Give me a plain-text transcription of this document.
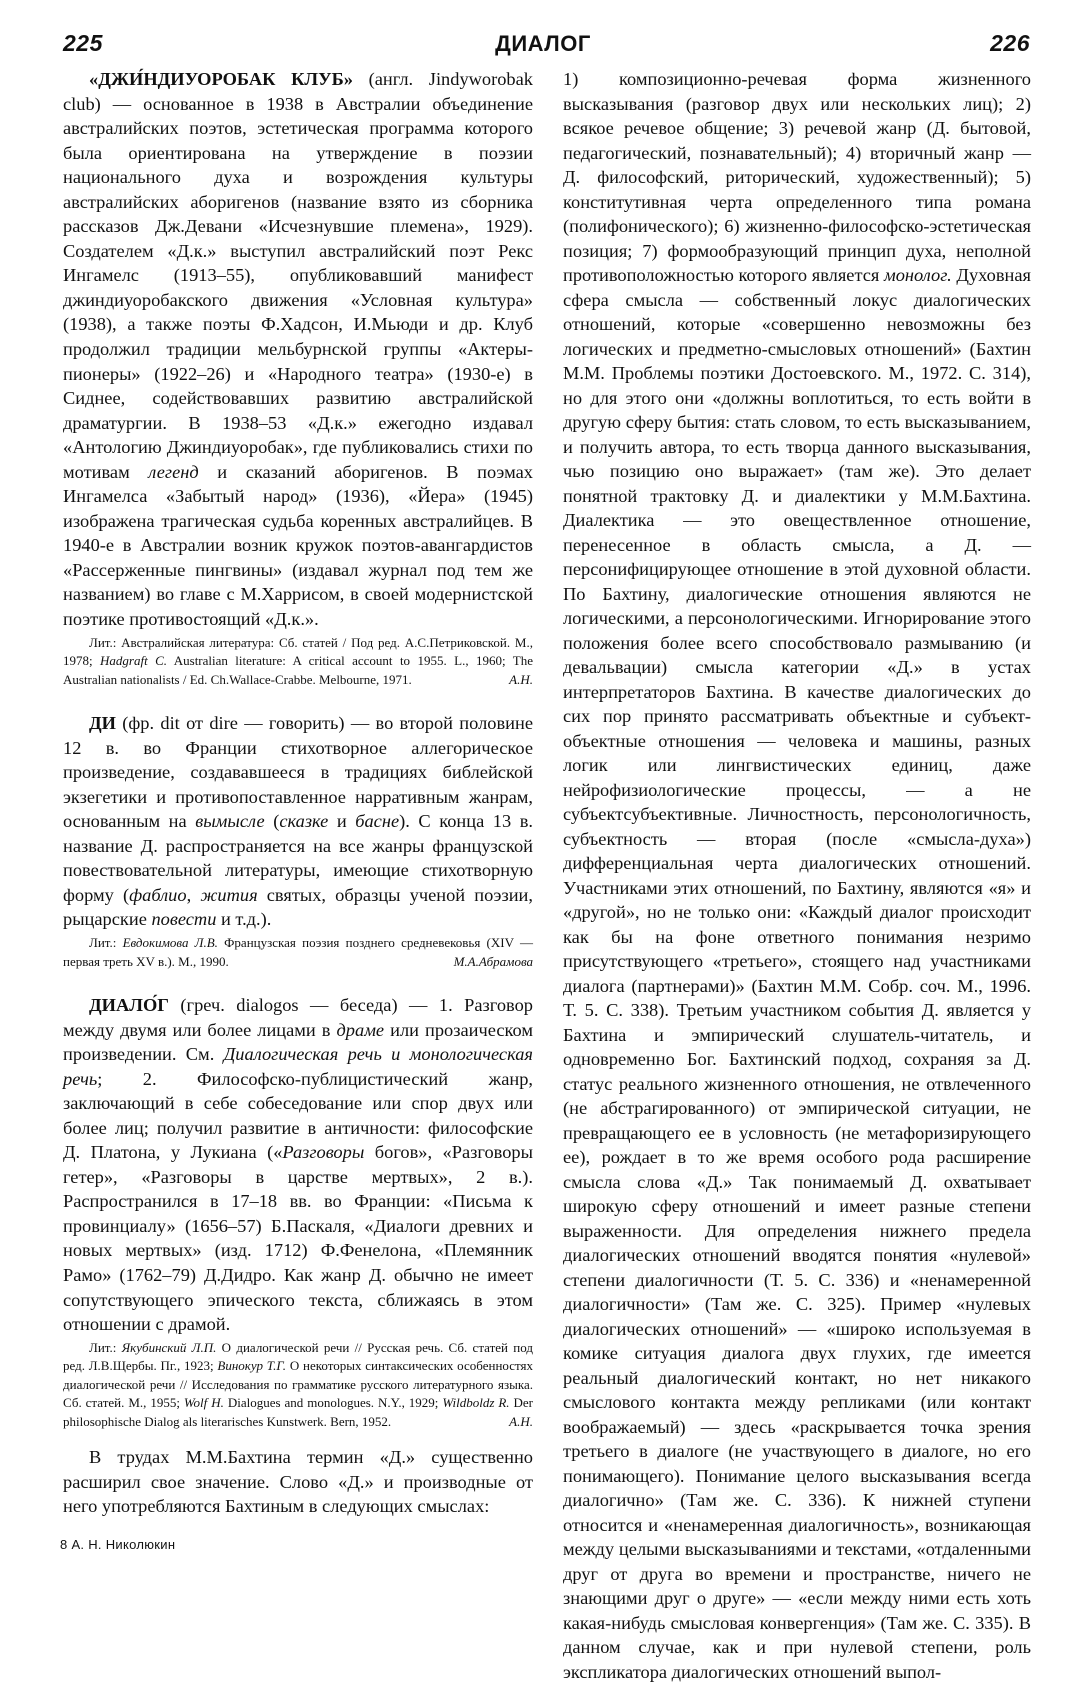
225	ДИАЛОГ	226

«ДЖИ́НДИУОРОБАК КЛУБ» (англ. Jindyworobak club) — основанное в 1938 в Австралии объединение австралийских поэтов, эстетическая программа которого была ориентирована на утверждение в поэзии национального духа и возрождения культуры австралийских аборигенов (название взято из сборника рассказов Дж.Девани «Исчезнувшие племена», 1929). Создателем «Д.к.» выступил австралийский поэт Рекс Ингамелс (1913–55), опубликовавший манифест джиндиуоробакского движения «Условная культура» (1938), а также поэты Ф.Хадсон, И.Мьюди и др. Клуб продолжил традиции мельбурнской группы «Актеры-пионеры» (1922–26) и «Народного театра» (1930-е) в Сиднее, содействовавших развитию австралийской драматургии. В 1938–53 «Д.к.» ежегодно издавал «Антологию Джиндиуоробак», где публиковались стихи по мотивам легенд и сказаний аборигенов. В поэмах Ингамелса «Забытый народ» (1936), «Йера» (1945) изображена трагическая судьба коренных австралийцев. В 1940-е в Австралии возник кружок поэтов-авангардистов «Рассерженные пингвины» (издавал журнал под тем же названием) во главе с М.Харрисом, в своей модернистской поэтике противостоящий «Д.к.».

Лит.: Австралийская литература: Сб. статей / Под ред. А.С.Петриковской. М., 1978; Hadgraft C. Australian literature: A critical account to 1955. L., 1960; The Australian nationalists / Ed. Ch.Wallace-Crabbe. Melbourne, 1971.	А.Н.

ДИ (фр. dit от dire — говорить) — во второй половине 12 в. во Франции стихотворное аллегорическое произведение, создававшееся в традициях библейской экзегетики и противопоставленное нарративным жанрам, основанным на вымысле (сказке и басне). С конца 13 в. название Д. распространяется на все жанры французской повествовательной литературы, имеющие стихотворную форму (фаблио, жития святых, образцы ученой поэзии, рыцарские повести и т.д.).

Лит.: Евдокимова Л.В. Французская поэзия позднего средневековья (XIV — первая треть XV в.). М., 1990.	М.А.Абрамова

ДИАЛО́Г (греч. dialogos — беседа) — 1. Разговор между двумя или более лицами в драме или прозаическом произведении. См. Диалогическая речь и монологическая речь; 2. Философско-публицистический жанр, заключающий в себе собеседование или спор двух или более лиц; получил развитие в античности: философские Д. Платона, у Лукиана («Разговоры богов», «Разговоры гетер», «Разговоры в царстве мертвых», 2 в.). Распространился в 17–18 вв. во Франции: «Письма к провинциалу» (1656–57) Б.Паскаля, «Диалоги древних и новых мертвых» (изд. 1712) Ф.Фенелона, «Племянник Рамо» (1762–79) Д.Дидро. Как жанр Д. обычно не имеет сопутствующего эпического текста, сближаясь в этом отношении с драмой.

Лит.: Якубинский Л.П. О диалогической речи // Русская речь. Сб. статей под ред. Л.В.Щербы. Пг., 1923; Винокур Т.Г. О некоторых синтаксических особенностях диалогической речи // Исследования по грамматике русского литературного языка. Сб. статей. М., 1955; Wolf H. Dialogues and monologues. N.Y., 1929; Wildboldz R. Der philosophische Dialog als literarisches Kunstwerk. Bern, 1952.	А.Н.

В трудах М.М.Бахтина термин «Д.» существенно расширил свое значение. Слово «Д.» и производные от него употребляются Бахтиным в следующих смыслах:

1) композиционно-речевая форма жизненного высказывания (разговор двух или нескольких лиц); 2) всякое речевое общение; 3) речевой жанр (Д. бытовой, педагогический, познавательный); 4) вторичный жанр — Д. философский, риторический, художественный); 5) конститутивная черта определенного типа романа (полифонического); 6) жизненно-философско-эстетическая позиция; 7) формообразующий принцип духа, неполной противоположностью которого является монолог. Духовная сфера смысла — собственный локус диалогических отношений, которые «совершенно невозможны без логических и предметно-смысловых отношений» (Бахтин М.М. Проблемы поэтики Достоевского. М., 1972. С. 314), но для этого они «должны воплотиться, то есть войти в другую сферу бытия: стать словом, то есть высказыванием, и получить автора, то есть творца данного высказывания, чью позицию оно выражает» (там же). Это делает понятной трактовку Д. и диалектики у М.М.Бахтина. Диалектика — это овеществленное отношение, перенесенное в область смысла, а Д. — персонифицирующее отношение в этой духовной области. По Бахтину, диалогические отношения являются не логическими, а персонологическими. Игнорирование этого положения более всего способствовало размыванию (и девальвации) смысла категории «Д.» в устах интерпретаторов Бахтина. В качестве диалогических до сих пор принято рассматривать объектные и субъект-объектные отношения — человека и машины, разных логик или лингвистических единиц, даже нейрофизиологические процессы, — а не субъектсубъективные. Личностность, персонологичность, субъектность — вторая (после «смысла-духа») дифференциальная черта диалогических отношений. Участниками этих отношений, по Бахтину, являются «я» и «другой», но не только они: «Каждый диалог происходит как бы на фоне ответного понимания незримо присутствующего «третьего», стоящего над участниками диалога (партнерами)» (Бахтин М.М. Собр. соч. М., 1996. Т. 5. С. 338). Третьим участником события Д. является у Бахтина и эмпирический слушатель-читатель, и одновременно Бог. Бахтинский подход, сохраняя за Д. статус реального жизненного отношения, не отвлеченного (не абстрагированного) от эмпирической ситуации, не превращающего ее в условность (не метафоризирующего ее), рождает в то же время особого рода расширение смысла слова «Д.» Так понимаемый Д. охватывает широкую сферу отношений и имеет разные степени выраженности. Для определения нижнего предела диалогических отношений вводятся понятия «нулевой» степени диалогичности (Т. 5. С. 336) и «ненамеренной диалогичности» (Там же. С. 325). Пример «нулевых диалогических отношений» — «широко используемая в комике ситуация диалога двух глухих, где имеется реальный диалогический контакт, но нет никакого смыслового контакта между репликами (или контакт воображаемый) — здесь «раскрывается точка зрения третьего в диалоге (не участвующего в диалоге, но его понимающего). Понимание целого высказывания всегда диалогично» (Там же. С. 336). К нижней ступени относится и «ненамеренная диалогичность», возникающая между целыми высказываниями и текстами, «отдаленными друг от друга во времени и пространстве, ничего не знающими друг о друге» — «если между ними есть хоть какая-нибудь смысловая конвергенция» (Там же. С. 335). В данном случае, как и при нулевой степени, роль экспликатора диалогических отношений выпол-

8 А. Н. Николюкин
